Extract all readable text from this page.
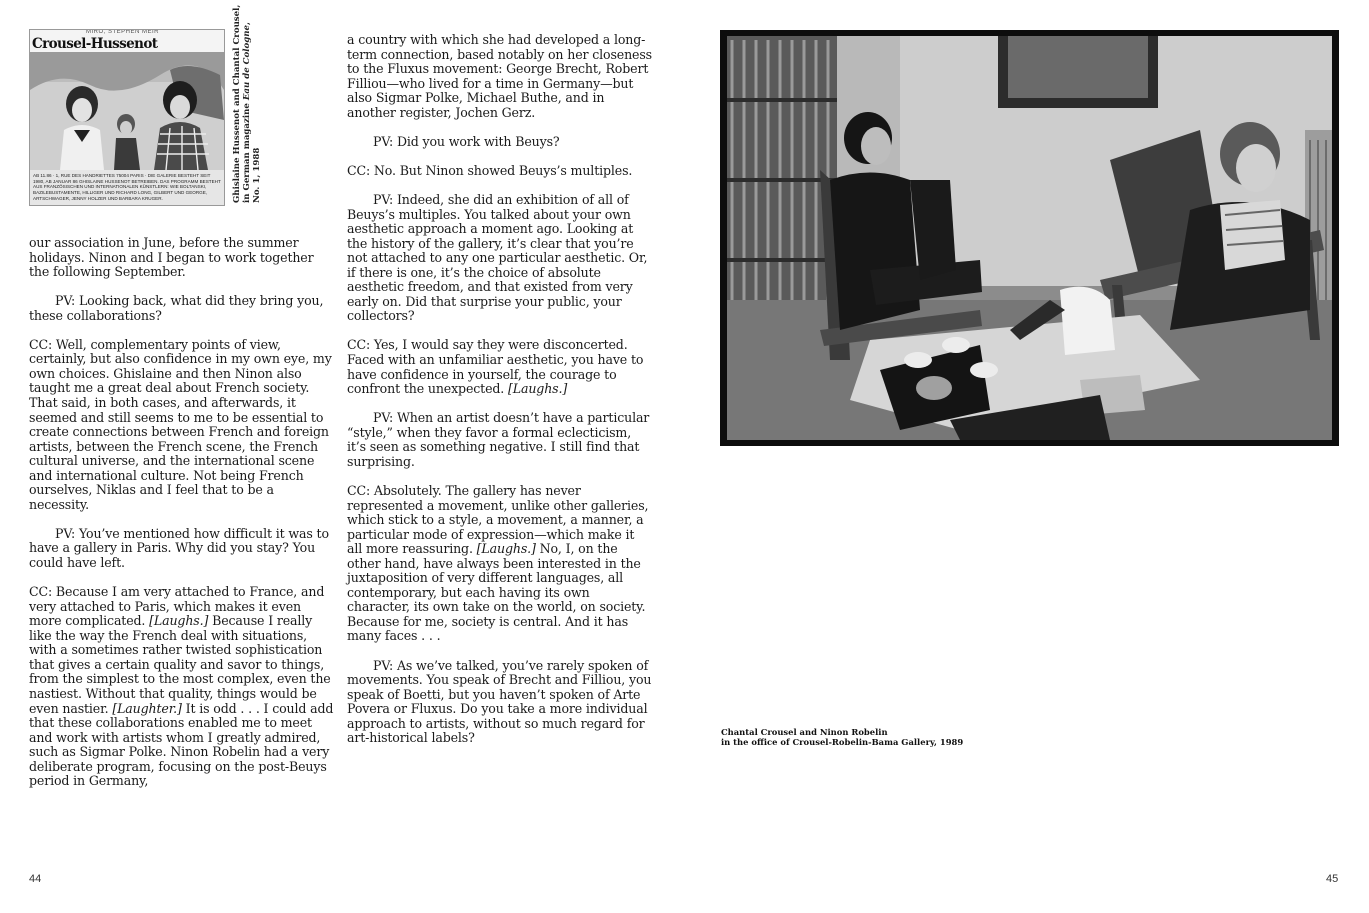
MIRO, STEPHEN MEIR
Crousel-Hussenot
AB 11.86 · 1, RUE DES HANDRIETTES 75004 PARIS · DIE GALERIE BESTEHT SEIT 1980, AB JANUAR 86 GHISLAINE HUSSENOT BETREIBEN. DAS PROGRAMM BESTEHT AUS FRANZÖSISCHEN UND INTERNATIONALEN KÜNSTLERN: WIE BOLTANSKI, BAZILEBUSTAMENTE, HILLIGER UND RICHARD LONG, GILBERT UND GEORGE, ARTSCHWAGER, JENNY HOLZER UND BARBARA KRUGER.	Ghislaine Hussenot and Chantal Crousel, in German magazine Eau de Cologne,
No. 1, 1988

our association in June, before the summer holidays. Ninon and I began to work together the following September.

PV: Looking back, what did they bring you, these collaborations?

CC: Well, complementary points of view, certainly, but also confidence in my own eye, my own choices. Ghislaine and then Ninon also taught me a great deal about French society. That said, in both cases, and afterwards, it seemed and still seems to me to be essential to create connections between French and foreign artists, between the French scene, the French cultural universe, and the international scene and international culture. Not being French ourselves, Niklas and I feel that to be a necessity.

PV: You’ve mentioned how difficult it was to have a gallery in Paris. Why did you stay? You could have left.

CC: Because I am very attached to France, and very attached to Paris, which makes it even more complicated. [Laughs.] Because I really like the way the French deal with situations, with a sometimes rather twisted sophistication that gives a certain quality and savor to things, from the simplest to the most complex, even the nastiest. Without that quality, things would be even nastier. [Laughter.] It is odd . . . I could add that these collaborations enabled me to meet and work with artists whom I greatly admired, such as Sigmar Polke. Ninon Robelin had a very deliberate program, focusing on the post-Beuys period in Germany,

a country with which she had developed a long-term connection, based notably on her closeness to the Fluxus movement: George Brecht, Robert Filliou—who lived for a time in Germany—but also Sigmar Polke, Michael Buthe, and in another register, Jochen Gerz.

PV: Did you work with Beuys?

CC: No. But Ninon showed Beuys’s multiples.

PV: Indeed, she did an exhibition of all of Beuys’s multiples. You talked about your own aesthetic approach a moment ago. Looking at the history of the gallery, it’s clear that you’re not attached to any one particular aesthetic. Or, if there is one, it’s the choice of absolute aesthetic freedom, and that existed from very early on. Did that surprise your public, your collectors?

CC: Yes, I would say they were disconcerted. Faced with an unfamiliar aesthetic, you have to have confidence in yourself, the courage to confront the unexpected. [Laughs.]

PV: When an artist doesn’t have a particular “style,” when they favor a formal eclecticism, it’s seen as something negative. I still find that surprising.

CC: Absolutely. The gallery has never represented a movement, unlike other galleries, which stick to a style, a movement, a manner, a particular mode of expression—which make it all more reassuring. [Laughs.] No, I, on the other hand, have always been interested in the juxtaposition of very different languages, all contemporary, but each having its own character, its own take on the world, on society. Because for me, society is central. And it has many faces . . .

PV: As we’ve talked, you’ve rarely spoken of movements. You speak of Brecht and Filliou, you speak of Boetti, but you haven’t spoken of Arte Povera or Fluxus. Do you take a more individual approach to artists, without so much regard for art-historical labels?	Chantal Crousel and Ninon Robelin
in the office of Crousel-Robelin-Bama Gallery, 1989
44	45
